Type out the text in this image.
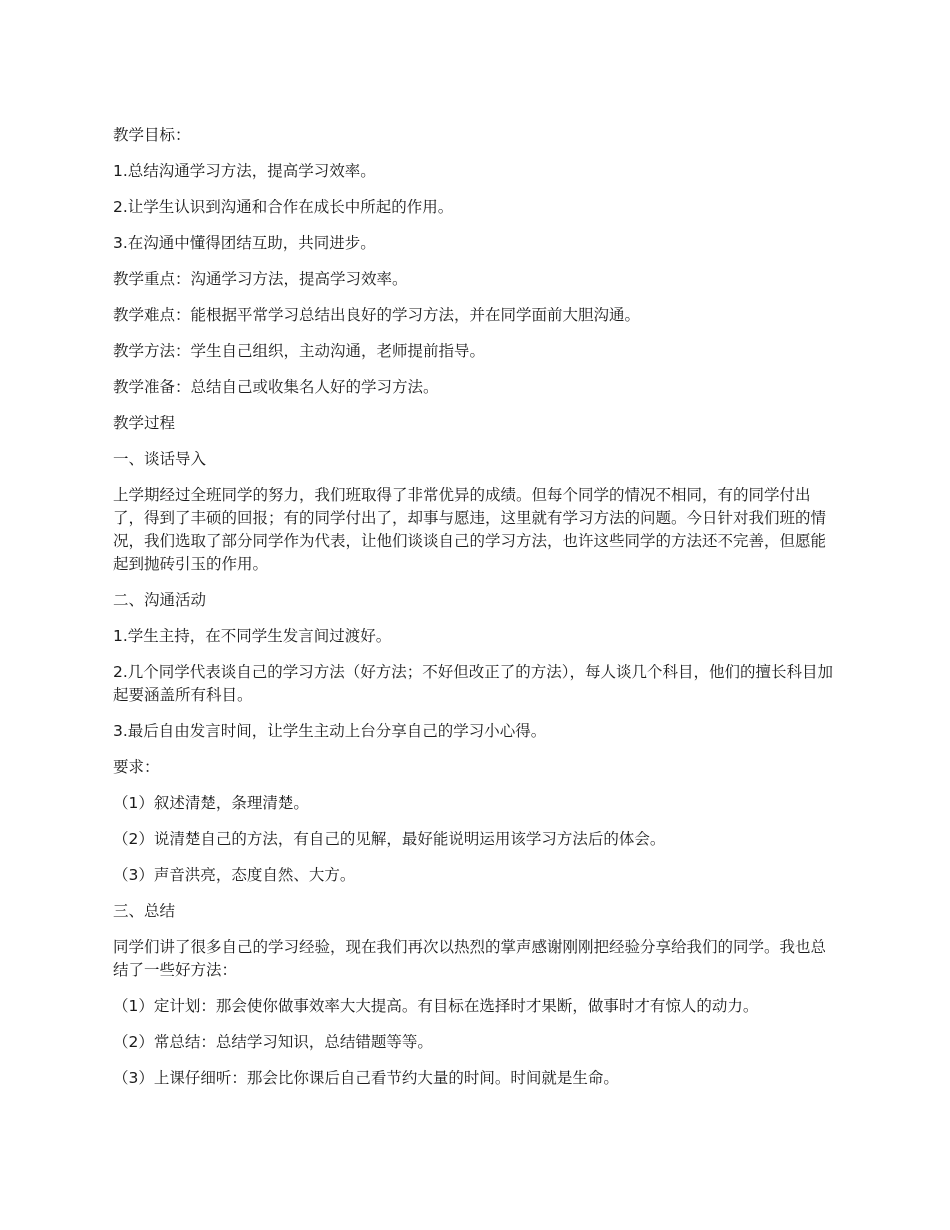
教学目标：

1.总结沟通学习方法，提高学习效率。

2.让学生认识到沟通和合作在成长中所起的作用。

3.在沟通中懂得团结互助，共同进步。

教学重点：沟通学习方法，提高学习效率。

教学难点：能根据平常学习总结出良好的学习方法，并在同学面前大胆沟通。

教学方法：学生自己组织，主动沟通，老师提前指导。

教学准备：总结自己或收集名人好的学习方法。

教学过程

一、谈话导入

上学期经过全班同学的努力，我们班取得了非常优异的成绩。但每个同学的情况不相同，有的同学付出了，得到了丰硕的回报；有的同学付出了，却事与愿违，这里就有学习方法的问题。今日针对我们班的情况，我们选取了部分同学作为代表，让他们谈谈自己的学习方法，也许这些同学的方法还不完善，但愿能起到抛砖引玉的作用。

二、沟通活动

1.学生主持，在不同学生发言间过渡好。

2.几个同学代表谈自己的学习方法（好方法；不好但改正了的方法），每人谈几个科目，他们的擅长科目加起要涵盖所有科目。

3.最后自由发言时间，让学生主动上台分享自己的学习小心得。

要求：

（1）叙述清楚，条理清楚。

（2）说清楚自己的方法，有自己的见解，最好能说明运用该学习方法后的体会。

（3）声音洪亮，态度自然、大方。

三、总结

同学们讲了很多自己的学习经验，现在我们再次以热烈的掌声感谢刚刚把经验分享给我们的同学。我也总结了一些好方法：

（1）定计划：那会使你做事效率大大提高。有目标在选择时才果断，做事时才有惊人的动力。

（2）常总结：总结学习知识，总结错题等等。

（3）上课仔细听：那会比你课后自己看节约大量的时间。时间就是生命。
